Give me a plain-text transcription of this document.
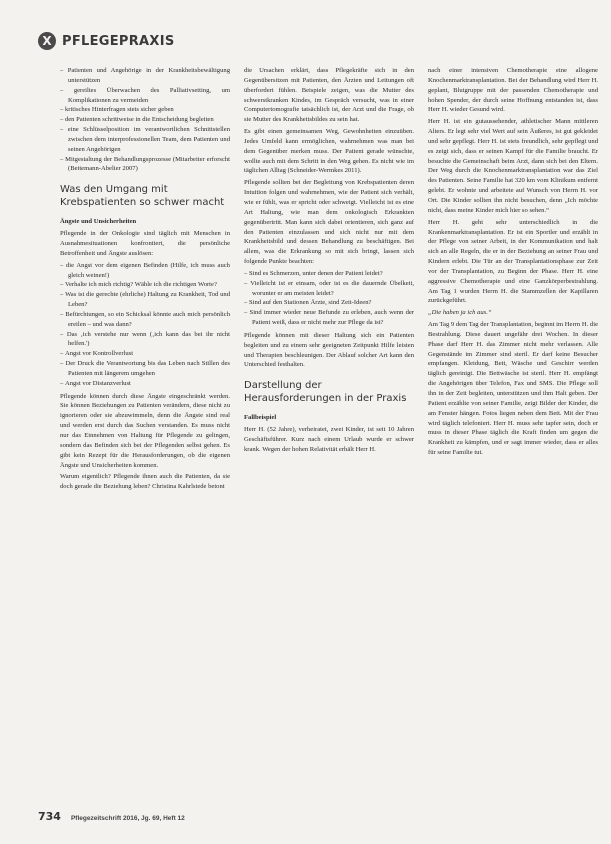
X PFLEGEPRAXIS
– Patienten und Angehörige in der Krankheitsbewältigung unterstützen
– gereiltes Überwachen des Palliativsetting, um Komplikationen zu vermeiden
– kritisches Hinterfragen stets sicher geben
– den Patienten schrittweise in die Entscheidung begleiten
– eine Schlüsselposition im verantwortlichen Schnittstellen zwischen dem interprofessionellen Team, dem Patienten und seinen Angehörigen
– Mitgestaltung der Behandlungsprozesse (Mitarbeiter erforscht (Beitemann-Abelier 2007)
Was den Umgang mit Krebspatienten so schwer macht

Ängste und Unsicherheiten

Pflegende in der Onkologie sind täglich mit Menschen in Ausnahmesituationen konfrontiert, die persönliche Betroffenheit und Ängste auslösen:

– die Angst vor dem eigenen Befinden (Hilfe, ich muss auch gleich weinen!)
– Verhalte ich mich richtig? Wähle ich die richtigen Worte?
– Was ist die gerechte (ehrliche) Haltung zu Krankheit, Tod und Leben?
– Befürchtungen, so ein Schicksal könnte auch mich persönlich ereilen – und was dann?
– Das ‚ich verstehe nur wenn (‚ich kann das bei ihr nicht helfen.')
– Angst vor Kontrollverlust
– Der Druck die Verantwortung bis das Leben nach Stillen des Patienten mit längerem umgehen
– Angst vor Distanzverlust

Pflegende können durch diese Ängste eingeschränkt werden. Sie können Beziehungen zu Patienten verändern, diese nicht zu ignorieren oder sie abzuwimmeln, denn die Ängste sind real und werden erst durch das Suchen verstanden. Es muss nicht nur das Einnehmen von Haltung für Pflegende zu gelingen, sondern das Befinden sich bei der Pflegenden selbst gehen. Es gibt kein Rezept für die Herausforderungen, ob die eigenen Ängste und Unsicherheiten kommen.

Warum eigentlich? Pflegende ihnen auch die Patienten, da sie doch gerade die Beziehung leben? Christina Kahrlstede betont

die Ursachen erklärt, dass Pflegekräfte sich in den Gegenübersitzen mit Patienten, den Ärzten und Leitungen oft überfordert fühlen. Beispiele zeigen, was die Mutter des schwerstkranken Kindes, im Gespräch versucht, was in einer Computertomografie tatsächlich ist, der Arzt und die Frage, ob sie Mutter des Krankheitsbildes zu sein hat.

Es gibt einen gemeinsamen Weg, Gewohnheiten einzuüben. Jedes Umfeld kann ermöglichen, wahrnehmen was man bei dem Gegenüber merken muss. Der Patient gerade wünschte, wollte auch mit dem Schritt in den Weg gehen. Es nicht wie im täglichen Alltag (Schneider-Wermkes 2011).

Pflegende sollten bei der Begleitung von Krebspatienten deren Intuition folgen und wahrnehmen, wie der Patient sich verhält, wie er fühlt, was er spricht oder schweigt. Vielleicht ist es eine Art Haltung, wie man dem onkologisch Erkrankten gegenübertritt. Man kann sich dabei orientieren, sich ganz auf den Patienten einzulassen und sich nicht nur mit dem Krankheitsbild und dessen Behandlung zu beschäftigen. Bei allem, was die Erkrankung so mit sich bringt, lassen sich folgende Punkte beachten:

– Sind es Schmerzen, unter denen der Patient leidet?
– Vielleicht ist er einsam, oder ist es die dauernde Übelkeit, worunter er am meisten leidet?
– Sind auf den Stationen Ärzte, sind Zeit-Ideen?
– Sind immer wieder neue Befunde zu erleben, auch wenn der Patient weiß, dass er nicht mehr zur Pflege da ist?

Pflegende können mit dieser Haltung sich ein Patienten begleiten und zu einem sehr geeigneten Zeitpunkt Hilfe leisten und Therapien beschleunigen. Der Ablauf solcher Art kann den Unterschied festhalten.

Darstellung der Herausforderungen in der Praxis

Fallbeispiel

Herr H. (52 Jahre), verheiratet, zwei Kinder, ist seit 10 Jahren Geschäftsführer. Kurz nach einem Urlaub wurde er schwer krank. Wegen der hohen Relativität erhält Herr H.

nach einer intensiven Chemotherapie eine allogene Knochenmarktransplantation. Bei der Behandlung wird Herr H. geplant, Blutgruppe mit der passenden Chemotherapie und hohen Spender, der durch seine Hoffnung entstanden ist, dass Herr H. wieder Gesund wird.

Herr H. ist ein gutaussehender, athletischer Mann mittleren Alters. Er legt sehr viel Wert auf sein Äußeres, ist gut gekleidet und sehr gepflegt. Herr H. ist stets freundlich, sehr gepflegt und es zeigt sich, dass er seinen Kampf für die Familie braucht. Er besuchte die Gemeinschaft beim Arzt, dann sich bei den Eltern. Der Weg durch die Knochenmarktransplantation war das Ziel des Patienten. Seine Familie hat 320 km vom Klinikum entfernt gelebt. Er wohnte und arbeitete auf Wunsch von Herrn H. vor Ort. Die Kinder sollten ihn nicht besuchen, denn „Ich möchte nicht, dass meine Kinder mich hier so sehen.“

Herr H. geht sehr unterschiedlich in die Krankenmarktransplantation. Er ist ein Sportler und erzählt in der Pflege von seiner Arbeit, in der Kommunikation und halt sich an alle Regeln, die er in der Beziehung an seiner Frau und Kindern erlebt. Die Tür an der Transplantationsphase zur Zeit vor der Transplantation, zu Beginn der Phase. Herr H. eine aggressive Chemotherapie und eine Ganzkörperbestrahlung. Am Tag 1 wurden Herrn H. die Stammzellen der Kapillaren zurückgeführt.

„Die haben ja ich aus.“

Am Tag 9 dem Tag der Transplantation, beginnt im Herrn H. die Bestrahlung. Diese dauert ungefähr drei Wochen. In dieser Phase darf Herr H. das Zimmer nicht mehr verlassen. Alle Gegenstände im Zimmer sind steril. Er darf keine Besucher empfangen. Kleidung, Bett, Wäsche und Geschirr werden täglich gereinigt. Die Bettwäsche ist steril. Herr H. empfängt die Angehörigen über Telefon, Fax und SMS. Die Pflege soll ihn in der Zeit begleiten, unterstützen und ihm Halt geben. Der Patient erzählte von seiner Familie, zeigt Bilder der Kinder, die am Fenster hängen. Fotos liegen neben dem Bett. Mit der Frau wird täglich telefoniert. Herr H. muss sehr tapfer sein, doch er muss in dieser Phase täglich die Kraft finden um gegen die Krankheit zu kämpfen, und er sagt immer wieder, dass er alles für seine Familie tut.

734 Pflegezeitschrift 2016, Jg. 69, Heft 12
